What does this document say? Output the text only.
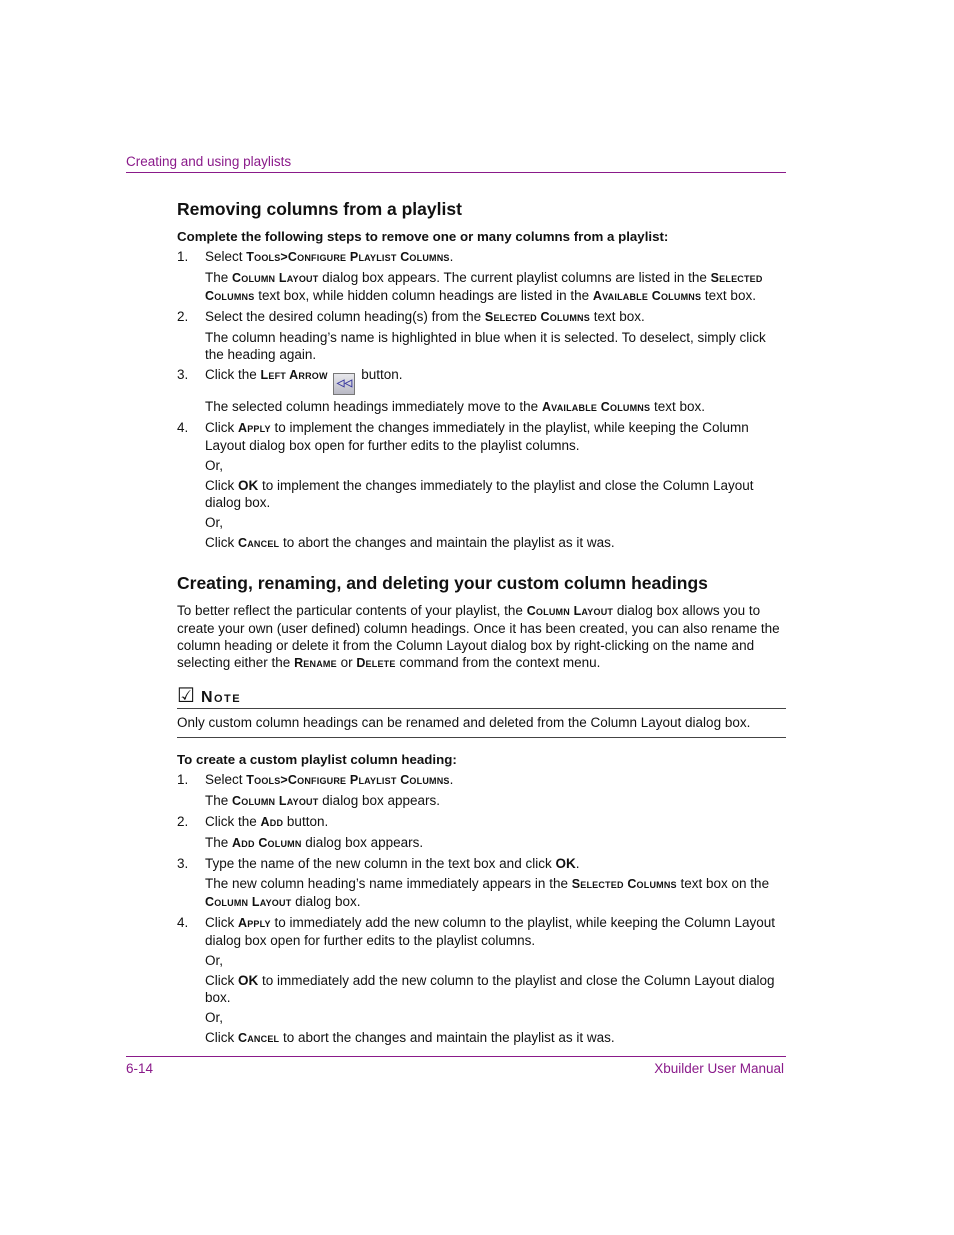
Creating and using playlists
Removing columns from a playlist

Complete the following steps to remove one or many columns from a playlist:

1. Select Tools>Configure Playlist Columns.

The Column Layout dialog box appears. The current playlist columns are listed in the Selected Columns text box, while hidden column headings are listed in the Available Columns text box.

2. Select the desired column heading(s) from the Selected Columns text box.

The column heading’s name is highlighted in blue when it is selected. To deselect, simply click the heading again.

3. Click the Left Arrow ◁◁ button.

The selected column headings immediately move to the Available Columns text box.

4. Click Apply to implement the changes immediately in the playlist, while keeping the Column Layout dialog box open for further edits to the playlist columns.

Or,

Click OK to implement the changes immediately to the playlist and close the Column Layout dialog box.

Or,

Click Cancel to abort the changes and maintain the playlist as it was.

Creating, renaming, and deleting your custom column headings

To better reflect the particular contents of your playlist, the Column Layout dialog box allows you to create your own (user defined) column headings. Once it has been created, you can also rename the column heading or delete it from the Column Layout dialog box by right-clicking on the name and selecting either the Rename or Delete command from the context menu.

☑ Note
Only custom column headings can be renamed and deleted from the Column Layout dialog box.

To create a custom playlist column heading:

1. Select Tools>Configure Playlist Columns.

The Column Layout dialog box appears.

2. Click the Add button.

The Add Column dialog box appears.

3. Type the name of the new column in the text box and click OK.

The new column heading’s name immediately appears in the Selected Columns text box on the Column Layout dialog box.

4. Click Apply to immediately add the new column to the playlist, while keeping the Column Layout dialog box open for further edits to the playlist columns.

Or,

Click OK to immediately add the new column to the playlist and close the Column Layout dialog box.

Or,

Click Cancel to abort the changes and maintain the playlist as it was.

6-14	Xbuilder User Manual
